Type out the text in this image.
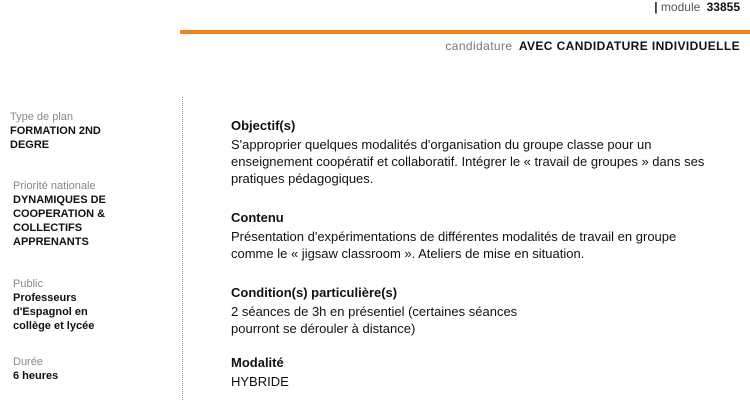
| module 33855
candidature AVEC CANDIDATURE INDIVIDUELLE
Type de plan
FORMATION 2ND
DEGRE
Priorité nationale
DYNAMIQUES DE
COOPERATION &
COLLECTIFS
APPRENANTS
Public
Professeurs
d'Espagnol en
collège et lycée
Durée
6 heures
Objectif(s)
S'approprier quelques modalités d'organisation du groupe classe pour un
enseignement coopératif et collaboratif. Intégrer le « travail de groupes » dans ses
pratiques pédagogiques.
Contenu
Présentation d'expérimentations de différentes modalités de travail en groupe
comme le « jigsaw classroom ». Ateliers de mise en situation.
Condition(s) particulière(s)
2 séances de 3h en présentiel (certaines séances
pourront se dérouler à distance)
Modalité
HYBRIDE
